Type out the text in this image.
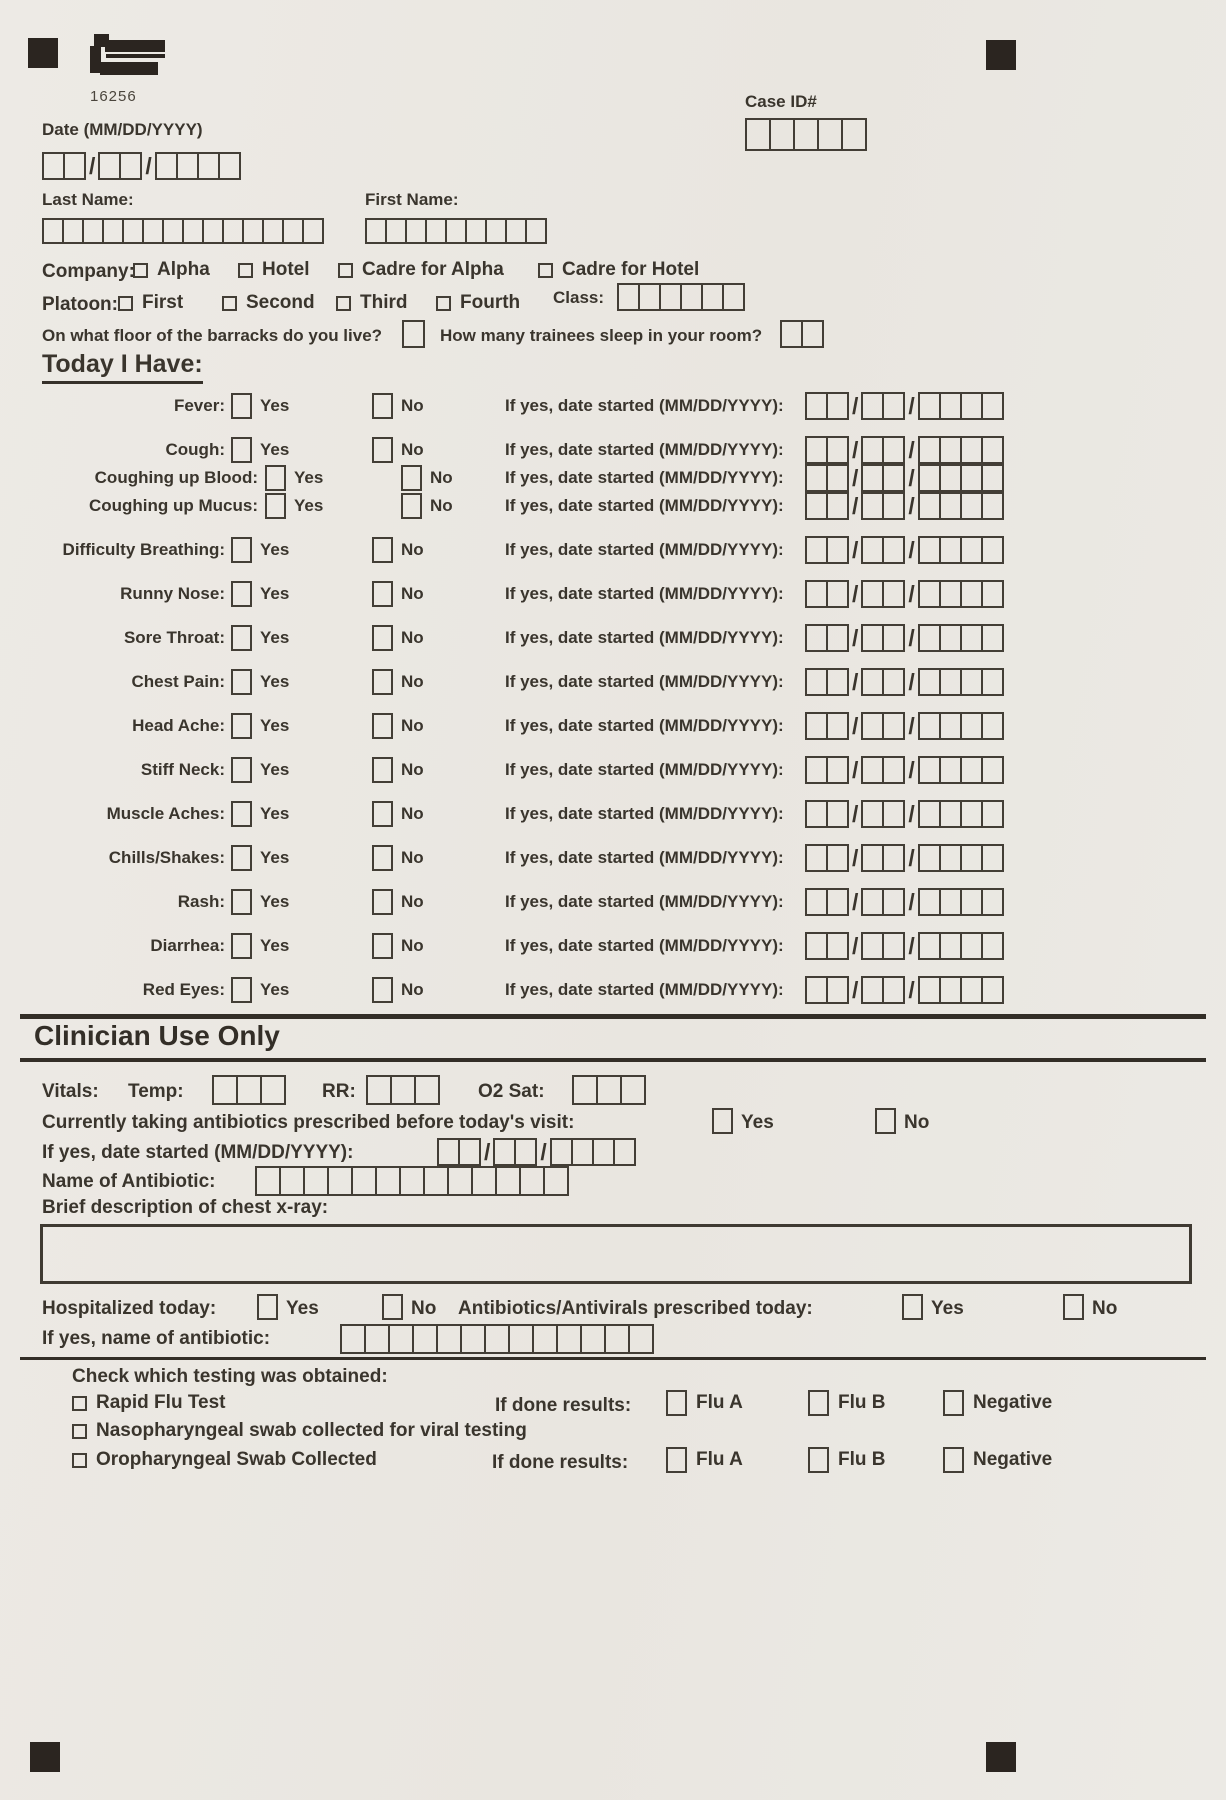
16256	Case ID#
Date (MM/DD/YYYY)
/ /
Last Name:	First Name:
Company: Alpha	Hotel	Cadre for Alpha	Cadre for Hotel
Platoon: First	Second Third	Fourth Class:
On what floor of the barracks do you live?	How many trainees sleep in your room?
Today I Have:
Fever: Yes	No	If yes, date started (MM/DD/YYYY):	/ /
Cough: Yes	No	If yes, date started (MM/DD/YYYY):	/ /
Coughing up Blood: Yes	No	If yes, date started (MM/DD/YYYY):	/ /
Coughing up Mucus: Yes	No	If yes, date started (MM/DD/YYYY):	/ /
Difficulty Breathing: Yes	No	If yes, date started (MM/DD/YYYY):	/ /
Runny Nose: Yes	No	If yes, date started (MM/DD/YYYY):	/ /
Sore Throat: Yes	No	If yes, date started (MM/DD/YYYY):	/ /
Chest Pain: Yes	No	If yes, date started (MM/DD/YYYY):	/ /
Head Ache: Yes	No	If yes, date started (MM/DD/YYYY):	/ /
Stiff Neck: Yes	No	If yes, date started (MM/DD/YYYY):	/ /
Muscle Aches: Yes	No	If yes, date started (MM/DD/YYYY):	/ /
Chills/Shakes: Yes	No	If yes, date started (MM/DD/YYYY):	/ /
Rash: Yes	No	If yes, date started (MM/DD/YYYY):	/ /
Diarrhea: Yes	No	If yes, date started (MM/DD/YYYY):	/ /
Red Eyes: Yes	No	If yes, date started (MM/DD/YYYY):	/ /
Clinician Use Only
Vitals: Temp:	RR:	O2 Sat:
Currently taking antibiotics prescribed before today's visit:	Yes	No
If yes, date started (MM/DD/YYYY):	/ /
Name of Antibiotic:
Brief description of chest x-ray:
Hospitalized today:	Yes	No Antibiotics/Antivirals prescribed today:	Yes	No
If yes, name of antibiotic:
Check which testing was obtained:
Rapid Flu Test	If done results:	Flu A	Flu B	Negative
Nasopharyngeal swab collected for viral testing
Oropharyngeal Swab Collected	If done results:	Flu A	Flu B	Negative
